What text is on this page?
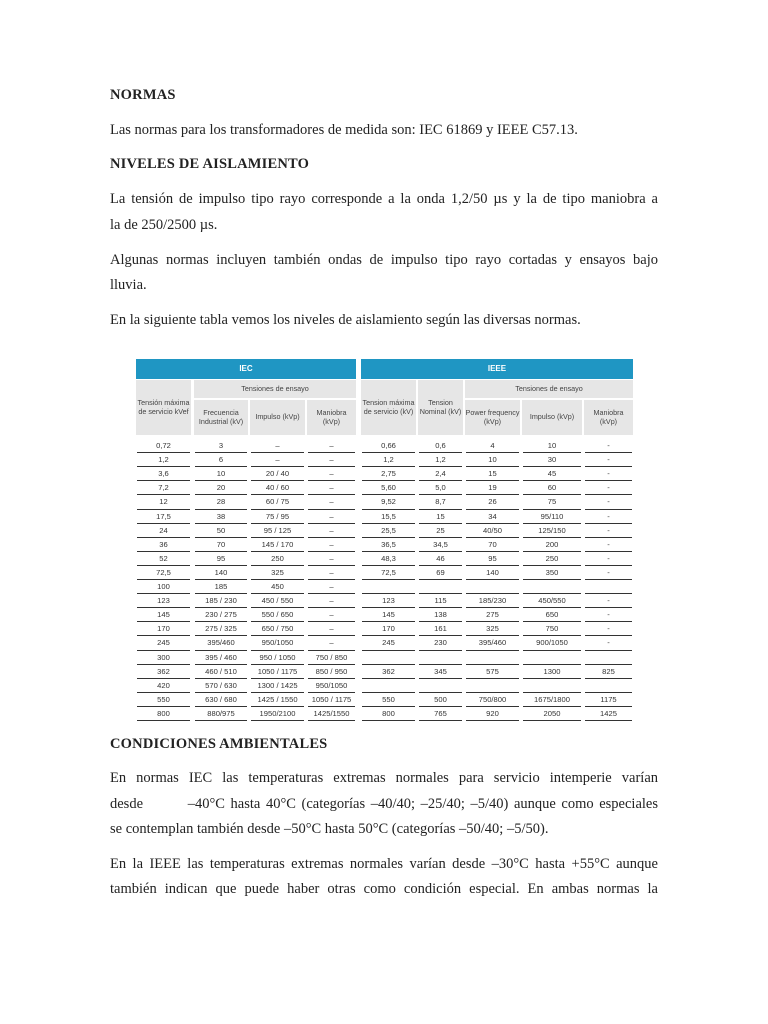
NORMAS

Las normas para los transformadores de medida son: IEC 61869 y IEEE C57.13.

NIVELES DE AISLAMIENTO

La tensión de impulso tipo rayo corresponde a la onda 1,2/50 µs y la de tipo maniobra a

la de 250/2500 µs.

Algunas normas incluyen también ondas de impulso tipo rayo cortadas y ensayos bajo

lluvia.

En la siguiente tabla vemos los niveles de aislamiento según las diversas normas.

IEC	IEEE
Tensión máxima de servicio kVef
Tensiones de ensayo
Frecuencia Industrial (kV)	Impulso (kVp)	Maniobra (kVp)
Tension máxima de servicio (kV)
Tension Nominal (kV)
Tensiones de ensayo
Power frequency (kVp)	Impulso (kVp)	Maniobra (kVp)
0,72	3	–	–	0,66	0,6	4	10	-
1,2	6	–	–	1,2	1,2	10	30	-
3,6	10	20 / 40	–	2,75	2,4	15	45	-
7,2	20	40 / 60	–	5,60	5,0	19	60	-
12	28	60 / 75	–	9,52	8,7	26	75	-
17,5	38	75 / 95	–	15,5	15	34	95/110	-
24	50	95 / 125	–	25,5	25	40/50	125/150	-
36	70	145 / 170	–	36,5	34,5	70	200	-
52	95	250	–	48,3	46	95	250	-
72,5	140	325	–	72,5	69	140	350	-
100	185	450	–
123	185 / 230	450 / 550	–	123	115	185/230	450/550	-
145	230 / 275	550 / 650	–	145	138	275	650	-
170	275 / 325	650 / 750	–	170	161	325	750	-
245	395/460	950/1050	–	245	230	395/460	900/1050	-
300	395 / 460	950 / 1050	750 / 850
362	460 / 510	1050 / 1175	850 / 950	362	345	575	1300	825
420	570 / 630	1300 / 1425	950/1050
550	630 / 680	1425 / 1550	1050 / 1175	550	500	750/800	1675/1800	1175
800	880/975	1950/2100	1425/1550	800	765	920	2050	1425

CONDICIONES AMBIENTALES

En normas IEC las temperaturas extremas normales para servicio intemperie varían

desde        –40°C hasta 40°C (categorías –40/40; –25/40; –5/40) aunque como especiales

se contemplan también desde –50°C hasta 50°C (categorías –50/40; –5/50).

En la IEEE las temperaturas extremas normales varían desde –30°C hasta +55°C aunque

también indican que puede haber otras como condición especial. En ambas normas la
